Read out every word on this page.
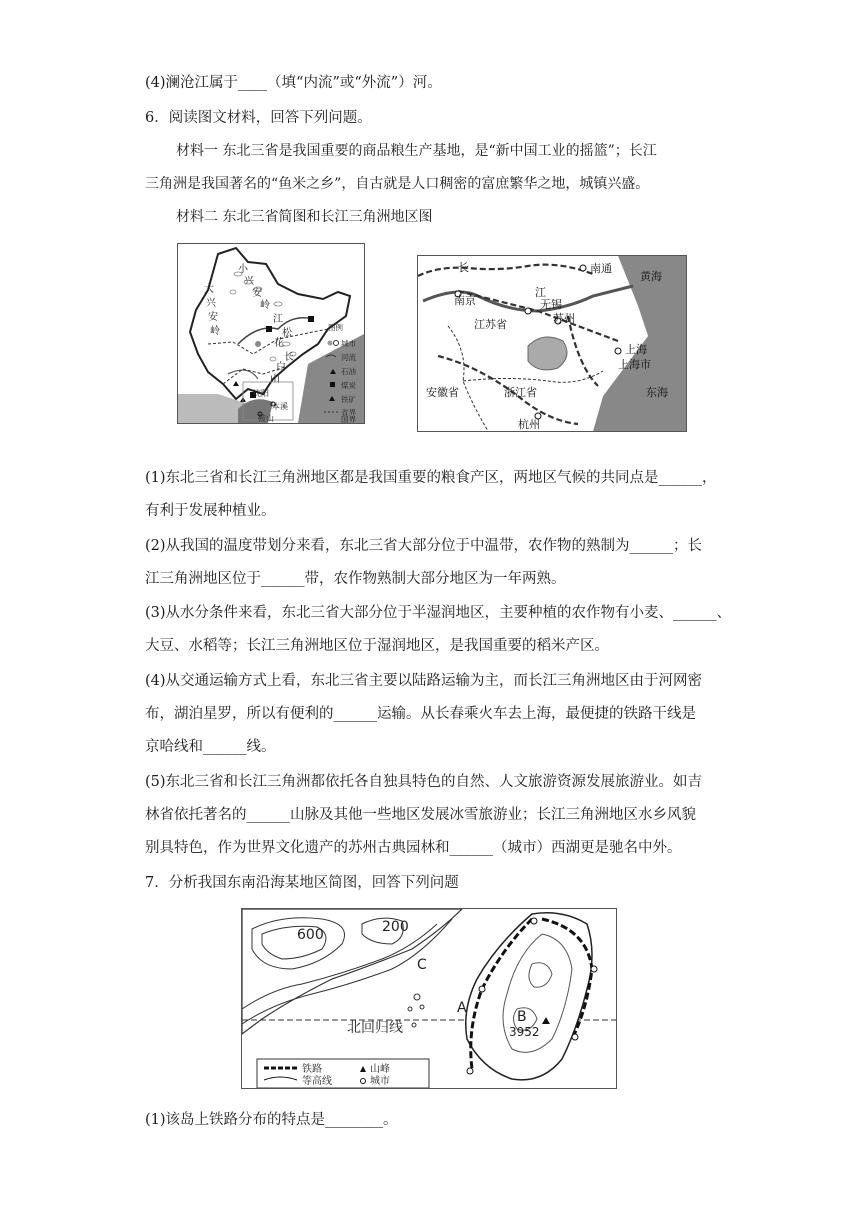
(4)澜沧江属于____（填“内流”或“外流”）河。
6．阅读图文材料，回答下列问题。
材料一 东北三省是我国重要的商品粮生产基地，是“新中国工业的摇篮”；长江
三角洲是我国著名的“鱼米之乡”，自古就是人口稠密的富庶繁华之地，城镇兴盛。
材料二 东北三省简图和长江三角洲地区图
大
兴
安
岭
小
兴
安
岭
江
松
花
长
白
山
沈阳
本溪
鞍山
图例
城市
河流
石油
煤炭
铁矿
省界
国界
南通
黄海
长
南京
江
无锡
江苏省	苏州
上海
上海市
安徽省	浙江省	东海
杭州
(1)东北三省和长江三角洲地区都是我国重要的粮食产区，两地区气候的共同点是______，
有利于发展种植业。
(2)从我国的温度带划分来看，东北三省大部分位于中温带，农作物的熟制为______；长
江三角洲地区位于______带，农作物熟制大部分地区为一年两熟。
(3)从水分条件来看，东北三省大部分位于半湿润地区，主要种植的农作物有小麦、______、
大豆、水稻等；长江三角洲地区位于湿润地区，是我国重要的稻米产区。
(4)从交通运输方式上看，东北三省主要以陆路运输为主，而长江三角洲地区由于河网密
布，湖泊星罗，所以有便利的______运输。从长春乘火车去上海，最便捷的铁路干线是
京哈线和______线。
(5)东北三省和长江三角洲都依托各自独具特色的自然、人文旅游资源发展旅游业。如吉
林省依托著名的______山脉及其他一些地区发展冰雪旅游业；长江三角洲地区水乡风貌
别具特色，作为世界文化遗产的苏州古典园林和______（城市）西湖更是驰名中外。
7．分析我国东南沿海某地区简图，回答下列问题
600	200
C
A
B
3952
北回归线
铁路
等高线
山峰
城市
(1)该岛上铁路分布的特点是________。
